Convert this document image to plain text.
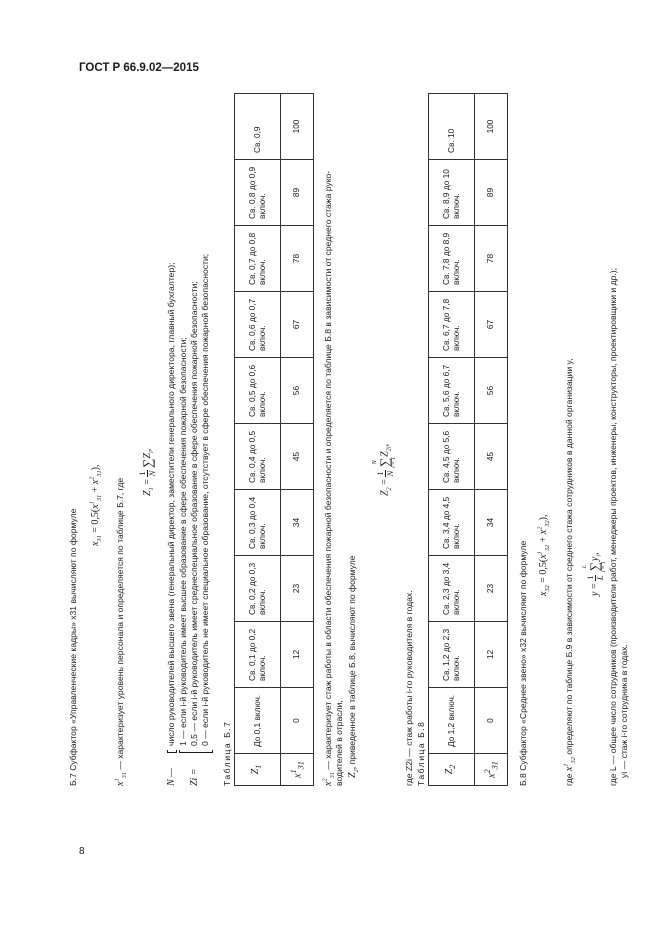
ГОСТ Р 66.9.02—2015
8
Б.7 Субфактор «Управленческие кадры» x31 вычисляют по формуле $x_{31} = 0,5(x^1_{31} + x^2_{31})$,
$x^1_{31}$ — характеризует уровень персонала и определяется по таблице Б.7, где	$Z_1$ =
1 N

∑
$Z_i$,
N —
число руководителей высшего звена (генеральный директор, заместители генерального директора, главный бухгалтер); 1 — если i-й руководитель имеет высшее образование в сфере обеспечения пожарной безопасности;
Zi =
0,5 — если i-й руководитель имеет среднеспециальное образование в сфере обеспечения пожарной безопасности; 0 — если i-й руководитель не имеет специальное образование, отсутствует в сфере обеспечения пожарной безопасности;
Таблица Б.7 $Z_1$	До 0,1 включ.	Св. 0,1 до 0,2 включ.	Св. 0,2 до 0,3 включ.	Св. 0,3 до 0,4 включ.	Св. 0,4 до 0,5 включ.	Св. 0,5 до 0,6 включ.	Св. 0,6 до 0,7 включ.	Св. 0,7 до 0,8 включ.	Св. 0,8 до 0,9 включ.	Св. 0,9
$x^1_{31}$	0	12	23	34	45	56	67	78	89	100
$x^2_{31}$ — характеризует стаж работы в области обеспечения пожарной безопасности и определяется по таблице Б.8 в зависимости от среднего стажа руко- водителей в отрасли, $Z_2$, приведенное в таблице Б.8, вычисляют по формуле
$Z_2$ =
1 N

N ∑ i = 1
$Z_{2i}$,
где Z2i — стаж работы i-го руководителя в годах. Таблица Б.8 $Z_2$	До 1,2 включ.	Св. 1,2 до 2,3 включ.	Св. 2,3 до 3,4 включ.	Св. 3,4 до 4,5 включ.	Св. 4,5 до 5,6 включ.	Св. 5,6 до 6,7 включ.	Св. 6,7 до 7,8 включ.	Св. 7,8 до 8,9 включ.	Св. 8,9 до 10 включ.	Св. 10
$x^2_{31}$	0	12	23	34	45	56	67	78	89	100
Б.8 Субфактор «Среднее звено» x32 вычисляют по формуле $x_{32} = 0,5(x^1_{32} + x^2_{32})$,
где $x^1_{32}$ определяют по таблице Б.9 в зависимости от среднего стажа сотрудников в данной организации y,	y =
1 L

L ∑ i = 1
$y_i$, где L — общее число сотрудников (производители работ, менеджеры проектов, инженеры, конструкторы, проектировщики и др.); yi — стаж i-го сотрудника в годах.
